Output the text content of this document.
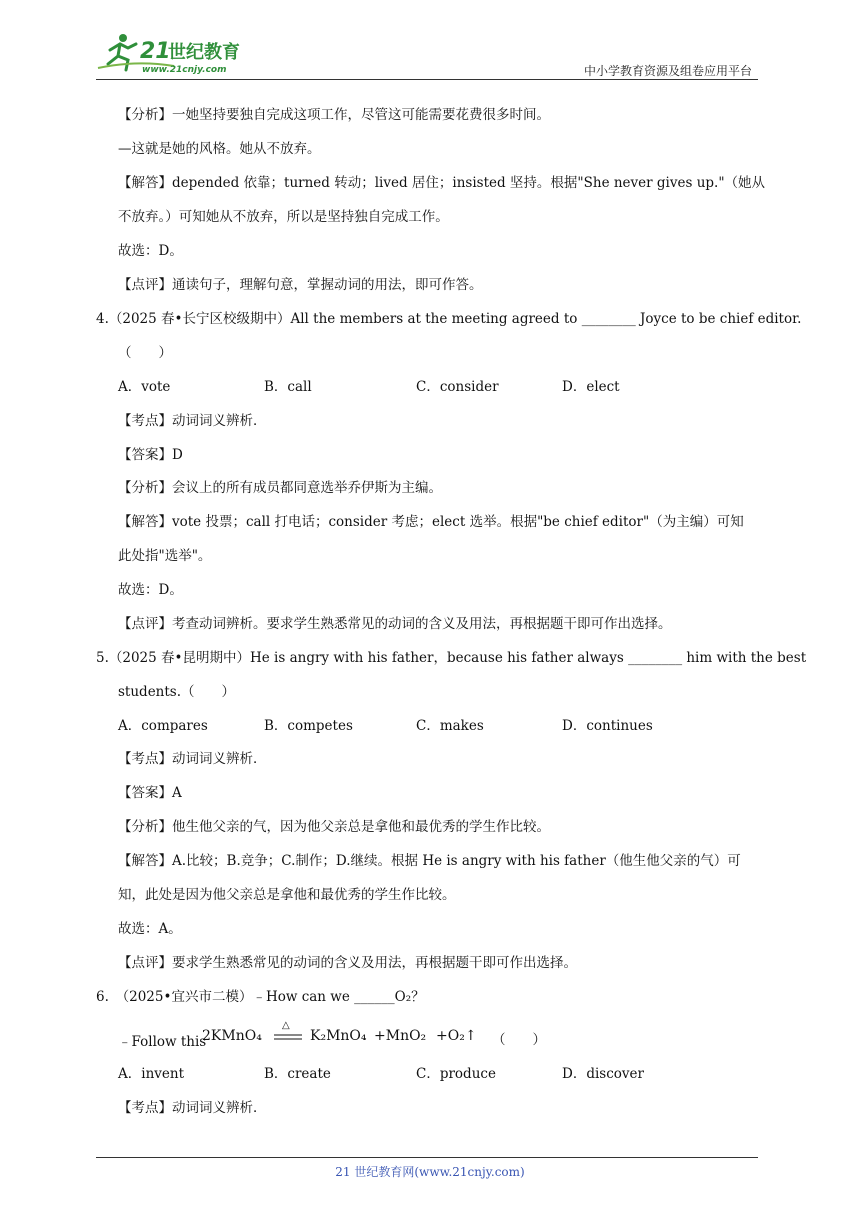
21
世纪教育
www.21cnjy.com	中小学教育资源及组卷应用平台
【分析】一她坚持要独自完成这项工作，尽管这可能需要花费很多时间。
—这就是她的风格。她从不放弃。
【解答】depended 依靠；turned 转动；lived 居住；insisted 坚持。根据"She never gives up."（她从
不放弃。）可知她从不放弃，所以是坚持独自完成工作。
故选：D。
【点评】通读句子，理解句意，掌握动词的用法，即可作答。
4.（2025 春•长宁区校级期中）All the members at the meeting agreed to ________ Joyce to be chief editor.
（　　）
A．vote	B．call	C．consider	D．elect
【考点】动词词义辨析．
【答案】D
【分析】会议上的所有成员都同意选举乔伊斯为主编。
【解答】vote 投票；call 打电话；consider 考虑；elect 选举。根据"be chief editor"（为主编）可知
此处指"选举"。
故选：D。
【点评】考查动词辨析。要求学生熟悉常见的动词的含义及用法，再根据题干即可作出选择。
5.（2025 春•昆明期中）He is angry with his father，because his father always ________ him with the best
students.（　　）
A．compares	B．competes	C．makes	D．continues
【考点】动词词义辨析．
【答案】A
【分析】他生他父亲的气，因为他父亲总是拿他和最优秀的学生作比较。
【解答】A.比较；B.竞争；C.制作；D.继续。根据 He is angry with his father（他生他父亲的气）可
知，此处是因为他父亲总是拿他和最优秀的学生作比较。
故选：A。
【点评】要求学生熟悉常见的动词的含义及用法，再根据题干即可作出选择。
6.　（2025•宜兴市二模）﹣How can we ______O₂？
﹣Follow this	（　　）
A．invent	B．create	C．produce	D．discover
【考点】动词词义辨析．
2KMnO₄
△
K₂MnO₄ +MnO₂ +O₂↑
21 世纪教育网(www.21cnjy.com)
